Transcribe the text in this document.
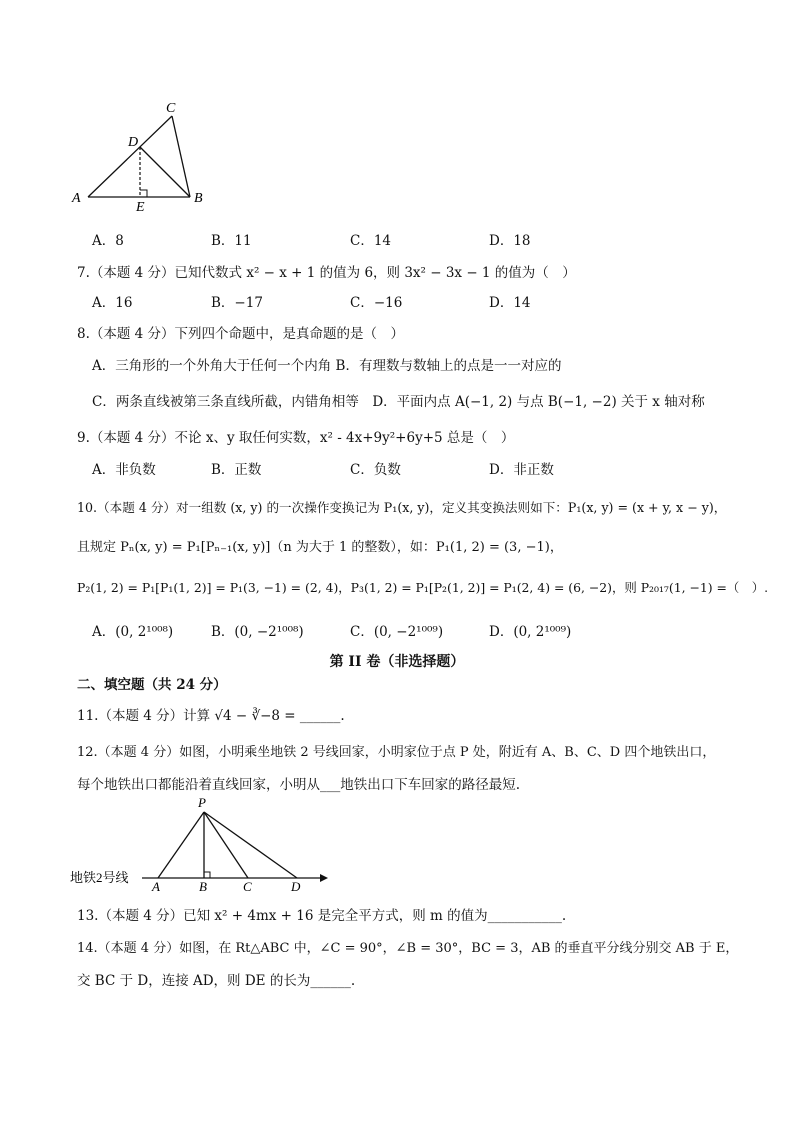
A	B
C
D
E
A．8	B．11	C．14	D．18
7.（本题 4 分）已知代数式 x² − x + 1 的值为 6，则 3x² − 3x − 1 的值为（　）
A．16	B．−17	C．−16	D．14
8.（本题 4 分）下列四个命题中，是真命题的是（　）
A．三角形的一个外角大于任何一个内角 B．有理数与数轴上的点是一一对应的
C．两条直线被第三条直线所截，内错角相等　D．平面内点 A(−1, 2) 与点 B(−1, −2) 关于 x 轴对称
9.（本题 4 分）不论 x、y 取任何实数，x² - 4x+9y²+6y+5 总是（　）
A．非负数	B．正数	C．负数	D．非正数
10.（本题 4 分）对一组数 (x, y) 的一次操作变换记为 P₁(x, y)，定义其变换法则如下：P₁(x, y) = (x + y, x − y)，
且规定 Pₙ(x, y) = P₁[Pₙ₋₁(x, y)]（n 为大于 1 的整数），如：P₁(1, 2) = (3, −1)，
P₂(1, 2) = P₁[P₁(1, 2)] = P₁(3, −1) = (2, 4)，P₃(1, 2) = P₁[P₂(1, 2)] = P₁(2, 4) = (6, −2)，则 P₂₀₁₇(1, −1) =（　）.
A．(0, 2¹⁰⁰⁸)	B．(0, −2¹⁰⁰⁸)	C．(0, −2¹⁰⁰⁹)	D．(0, 2¹⁰⁰⁹)
第 II 卷（非选择题）
二、填空题（共 24 分）
11.（本题 4 分）计算 √4 − ∛−8 = ______.
12.（本题 4 分）如图，小明乘坐地铁 2 号线回家，小明家位于点 P 处，附近有 A、B、C、D 四个地铁出口，
每个地铁出口都能沿着直线回家，小明从___地铁出口下车回家的路径最短.
地铁2号线
P
A	B	C	D
13.（本题 4 分）已知 x² + 4mx + 16 是完全平方式，则 m 的值为___________.
14.（本题 4 分）如图，在 Rt△ABC 中，∠C = 90°，∠B = 30°，BC = 3，AB 的垂直平分线分别交 AB 于 E，
交 BC 于 D，连接 AD，则 DE 的长为______.
